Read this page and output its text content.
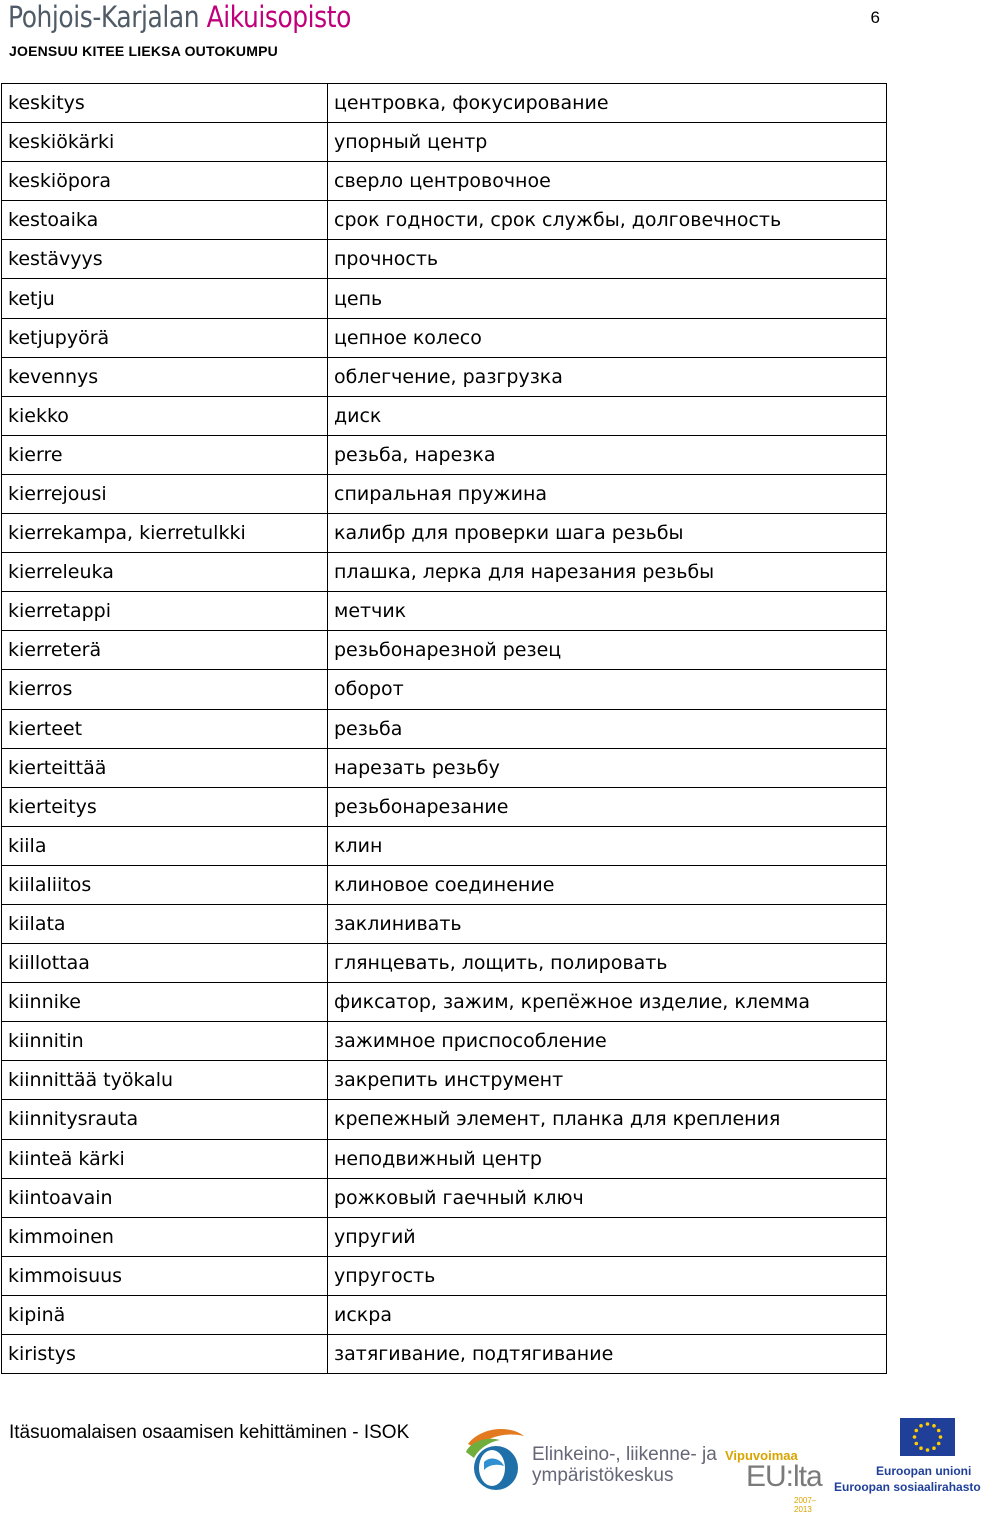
Pohjois-Karjalan Aikuisopisto	6
JOENSUU KITEE LIEKSA OUTOKUMPU
keskitys	центровка, фокусирование
keskiökärki	упорный центр
keskiöpora	сверло центровочное
kestoaika	срок годности, срок службы, долговечность
kestävyys	прочность
ketju	цепь
ketjupyörä	цепное колесо
kevennys	облегчение, разгрузка
kiekko	диск
kierre	резьба, нарезка
kierrejousi	спиральная пружина
kierrekampa, kierretulkki	калибр для проверки шага резьбы
kierreleuka	плашка, лерка для нарезания резьбы
kierretappi	метчик
kierreterä	резьбонарезной резец
kierros	оборот
kierteet	резьба
kierteittää	нарезать резьбу
kierteitys	резьбонарезание
kiila	клин
kiilaliitos	клиновое соединение
kiilata	заклинивать
kiillottaa	глянцевать, лощить, полировать
kiinnike	фиксатор, зажим, крепёжное изделие, клемма
kiinnitin	зажимное приспособление
kiinnittää työkalu	закрепить инструмент
kiinnitysrauta	крепежный элемент, планка для крепления
kiinteä kärki	неподвижный центр
kiintoavain	рожковый гаечный ключ
kimmoinen	упругий
kimmoisuus	упругость
kipinä	искра
kiristys	затягивание, подтягивание
Itäsuomalaisen osaamisen kehittäminen - ISOK
Elinkeino-, liikenne- ja
ympäristökeskus
Vipuvoimaa
EU:lta
2007–2013
Euroopan unioni
Euroopan sosiaalirahasto
